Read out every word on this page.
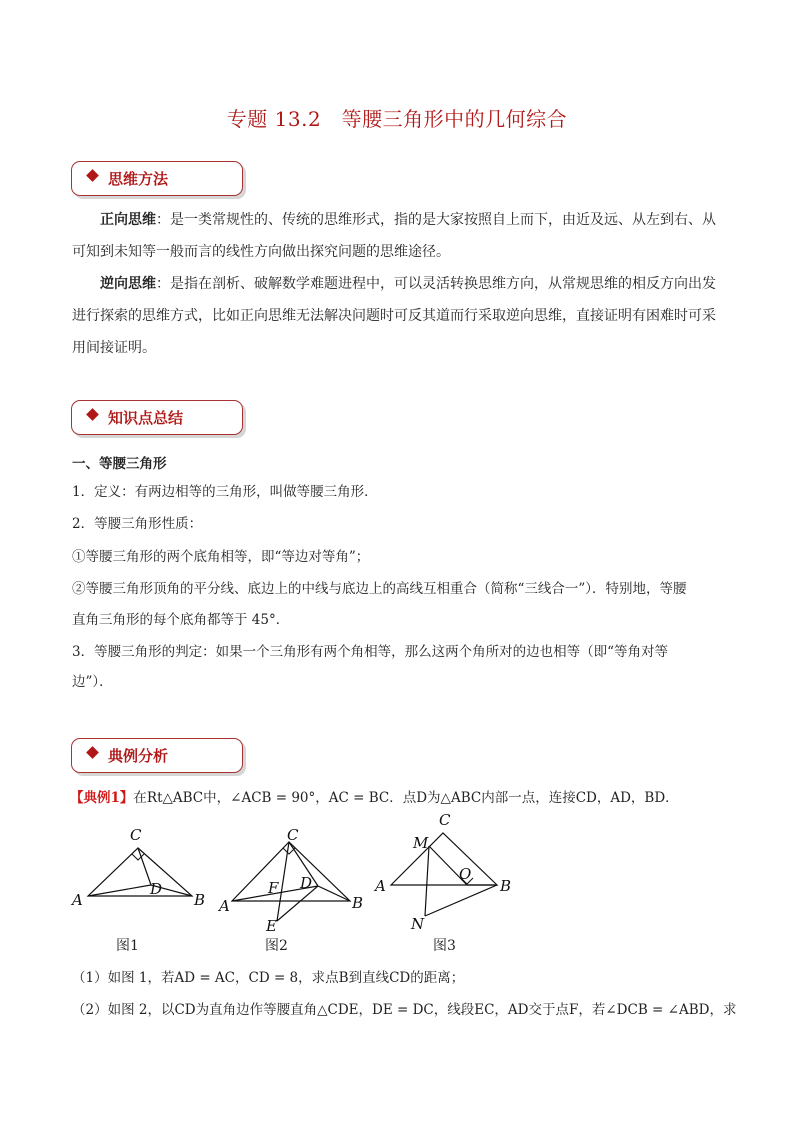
专题 13.2　等腰三角形中的几何综合
思维方法
正向思维：是一类常规性的、传统的思维形式，指的是大家按照自上而下，由近及远、从左到右、从可知到未知等一般而言的线性方向做出探究问题的思维途径。
逆向思维：是指在剖析、破解数学难题进程中，可以灵活转换思维方向，从常规思维的相反方向出发进行探索的思维方式，比如正向思维无法解决问题时可反其道而行采取逆向思维，直接证明有困难时可采用间接证明。
知识点总结
一、等腰三角形
1．定义：有两边相等的三角形，叫做等腰三角形．
2．等腰三角形性质：
①等腰三角形的两个底角相等，即“等边对等角”；
②等腰三角形顶角的平分线、底边上的中线与底边上的高线互相重合（简称“三线合一”）．特别地，等腰
直角三角形的每个底角都等于 45°．
3．等腰三角形的判定：如果一个三角形有两个角相等，那么这两个角所对的边也相等（即“等角对等
边”）．
典例分析
【典例1】在Rt△ABC中，∠ACB = 90°，AC = BC．点D为△ABC内部一点，连接CD，AD，BD．
C
A
D
B
C
F D
A	B
E
C
M
A
O
B
N
图1	图2	图3
（1）如图 1，若AD = AC，CD = 8，求点B到直线CD的距离；
（2）如图 2，以CD为直角边作等腰直角△CDE，DE = DC，线段EC，AD交于点F，若∠DCB = ∠ABD，求
